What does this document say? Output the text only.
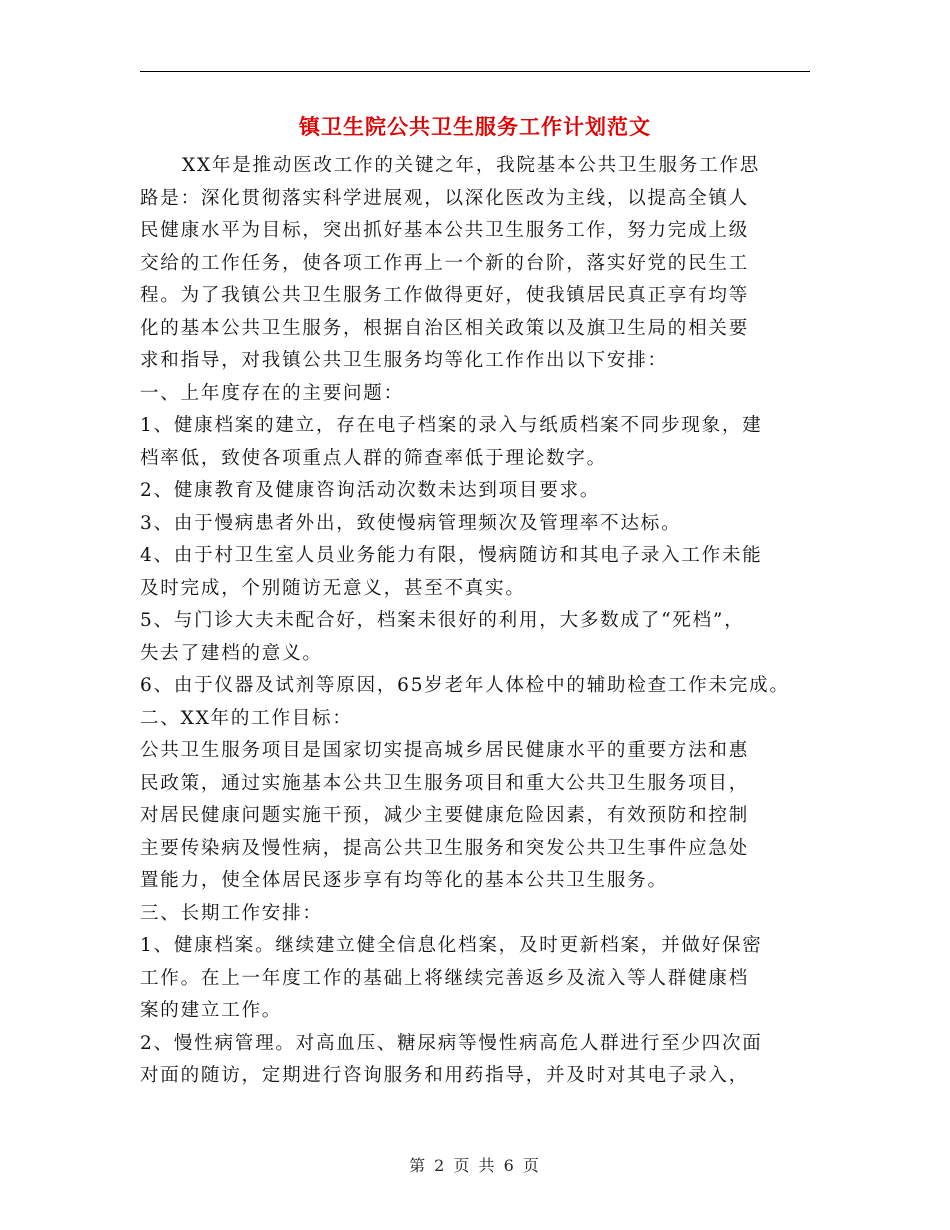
镇卫生院公共卫生服务工作计划范文
XX年是推动医改工作的关键之年，我院基本公共卫生服务工作思
路是：深化贯彻落实科学进展观，以深化医改为主线，以提高全镇人
民健康水平为目标，突出抓好基本公共卫生服务工作，努力完成上级
交给的工作任务，使各项工作再上一个新的台阶，落实好党的民生工
程。为了我镇公共卫生服务工作做得更好，使我镇居民真正享有均等
化的基本公共卫生服务，根据自治区相关政策以及旗卫生局的相关要
求和指导，对我镇公共卫生服务均等化工作作出以下安排：
一、上年度存在的主要问题：
1、健康档案的建立，存在电子档案的录入与纸质档案不同步现象，建
档率低，致使各项重点人群的筛查率低于理论数字。
2、健康教育及健康咨询活动次数未达到项目要求。
3、由于慢病患者外出，致使慢病管理频次及管理率不达标。
4、由于村卫生室人员业务能力有限，慢病随访和其电子录入工作未能
及时完成，个别随访无意义，甚至不真实。
5、与门诊大夫未配合好，档案未很好的利用，大多数成了“死档”，
失去了建档的意义。
6、由于仪器及试剂等原因，65岁老年人体检中的辅助检查工作未完成。
二、XX年的工作目标：
公共卫生服务项目是国家切实提高城乡居民健康水平的重要方法和惠
民政策，通过实施基本公共卫生服务项目和重大公共卫生服务项目，
对居民健康问题实施干预，减少主要健康危险因素，有效预防和控制
主要传染病及慢性病，提高公共卫生服务和突发公共卫生事件应急处
置能力，使全体居民逐步享有均等化的基本公共卫生服务。
三、长期工作安排：
1、健康档案。继续建立健全信息化档案，及时更新档案，并做好保密
工作。在上一年度工作的基础上将继续完善返乡及流入等人群健康档
案的建立工作。
2、慢性病管理。对高血压、糖尿病等慢性病高危人群进行至少四次面
对面的随访，定期进行咨询服务和用药指导，并及时对其电子录入，
第 2 页 共 6 页
